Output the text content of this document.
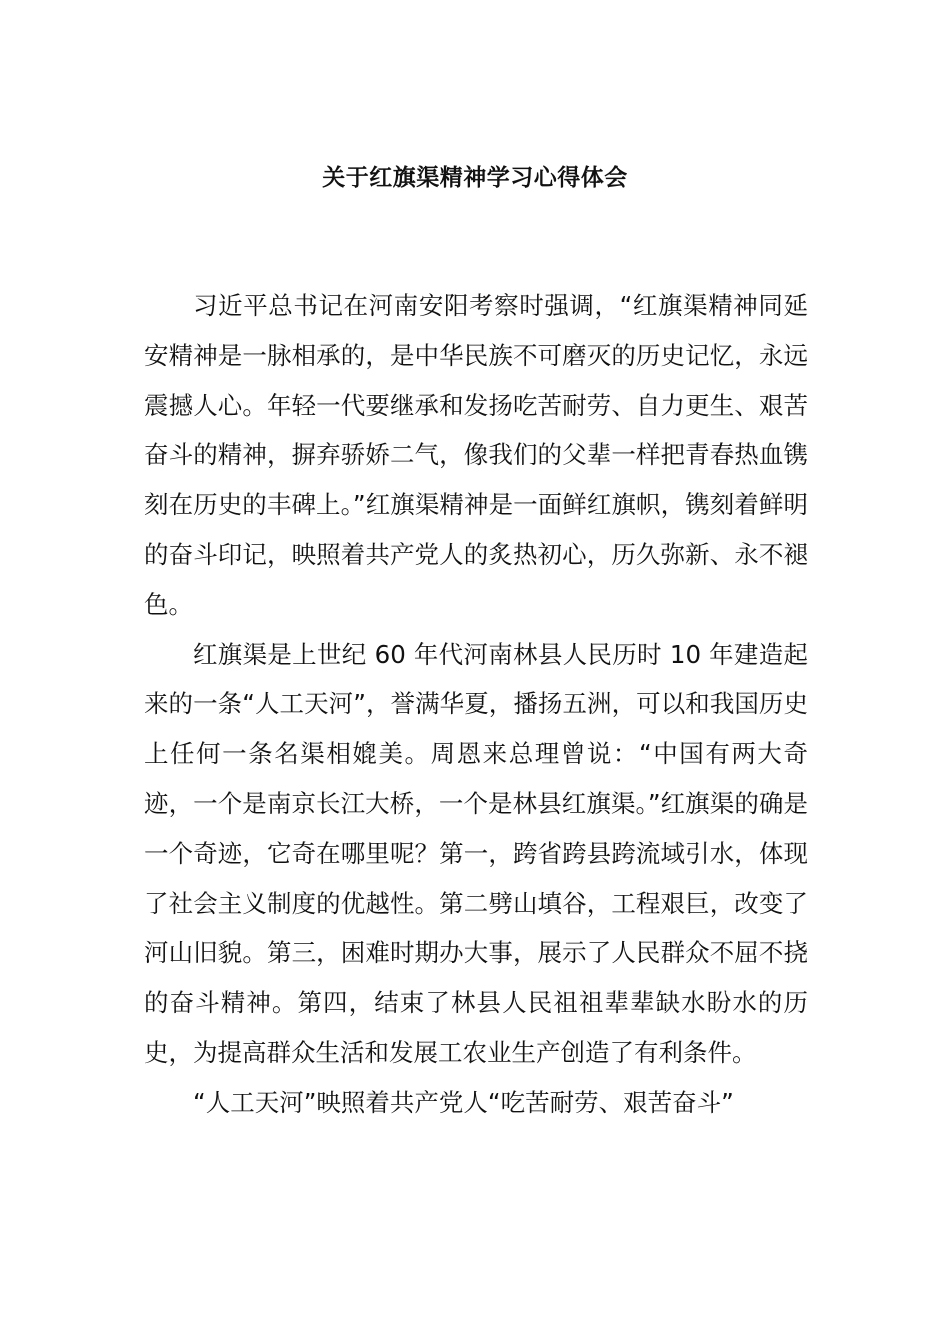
关于红旗渠精神学习心得体会

习近平总书记在河南安阳考察时强调，“红旗渠精神同延安精神是一脉相承的，是中华民族不可磨灭的历史记忆，永远震撼人心。年轻一代要继承和发扬吃苦耐劳、自力更生、艰苦奋斗的精神，摒弃骄娇二气，像我们的父辈一样把青春热血镌刻在历史的丰碑上。”红旗渠精神是一面鲜红旗帜，镌刻着鲜明的奋斗印记，映照着共产党人的炙热初心，历久弥新、永不褪色。

红旗渠是上世纪 60 年代河南林县人民历时 10 年建造起来的一条“人工天河”，誉满华夏，播扬五洲，可以和我国历史上任何一条名渠相媲美。周恩来总理曾说：“中国有两大奇迹，一个是南京长江大桥，一个是林县红旗渠。”红旗渠的确是一个奇迹，它奇在哪里呢？第一，跨省跨县跨流域引水，体现了社会主义制度的优越性。第二劈山填谷，工程艰巨，改变了河山旧貌。第三，困难时期办大事，展示了人民群众不屈不挠的奋斗精神。第四，结束了林县人民祖祖辈辈缺水盼水的历史，为提高群众生活和发展工农业生产创造了有利条件。

“人工天河”映照着共产党人“吃苦耐劳、艰苦奋斗”
